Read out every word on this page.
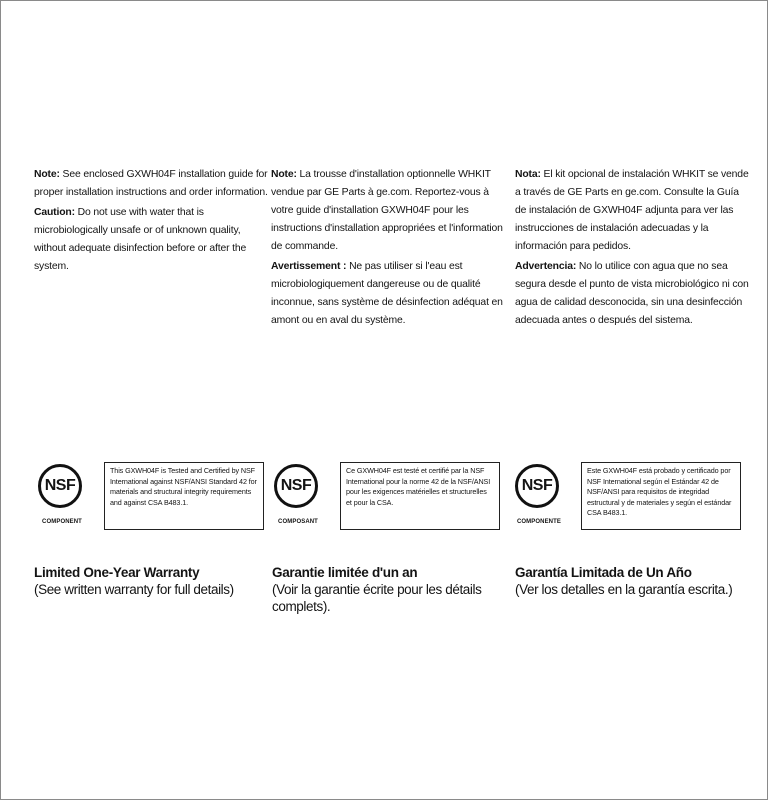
Note: See enclosed GXWH04F installation guide for proper installation instructions and order information.

Caution: Do not use with water that is microbiologically unsafe or of unknown quality, without adequate disinfection before or after the system.

NSF
COMPONENT
This GXWH04F is Tested and Certified by NSF International against NSF/ANSI Standard 42 for materials and structural integrity requirements and against CSA B483.1.
Limited One-Year Warranty
(See written warranty for full details)

Note: La trousse d'installation optionnelle WHKIT vendue par GE Parts à ge.com. Reportez-vous à votre guide d'installation GXWH04F pour les instructions d'installation appropriées et l'information de commande.

Avertissement : Ne pas utiliser si l'eau est microbiologiquement dangereuse ou de qualité inconnue, sans système de désinfection adéquat en amont ou en aval du système.

NSF
COMPOSANT
Ce GXWH04F est testé et certifié par la NSF International pour la norme 42 de la NSF/ANSI pour les exigences matérielles et structurelles et pour la CSA.
Garantie limitée d'un an
(Voir la garantie écrite pour les détails complets).

Nota: El kit opcional de instalación WHKIT se vende a través de GE Parts en ge.com. Consulte la Guía de instalación de GXWH04F adjunta para ver las instrucciones de instalación adecuadas y la información para pedidos.

Advertencia: No lo utilice con agua que no sea segura desde el punto de vista microbiológico ni con agua de calidad desconocida, sin una desinfección adecuada antes o después del sistema.

NSF
COMPONENTE
Este GXWH04F está probado y certificado por NSF International según el Estándar 42 de NSF/ANSI para requisitos de integridad estructural y de materiales y según el estándar CSA B483.1.
Garantía Limitada de Un Año
(Ver los detalles en la garantía escrita.)
